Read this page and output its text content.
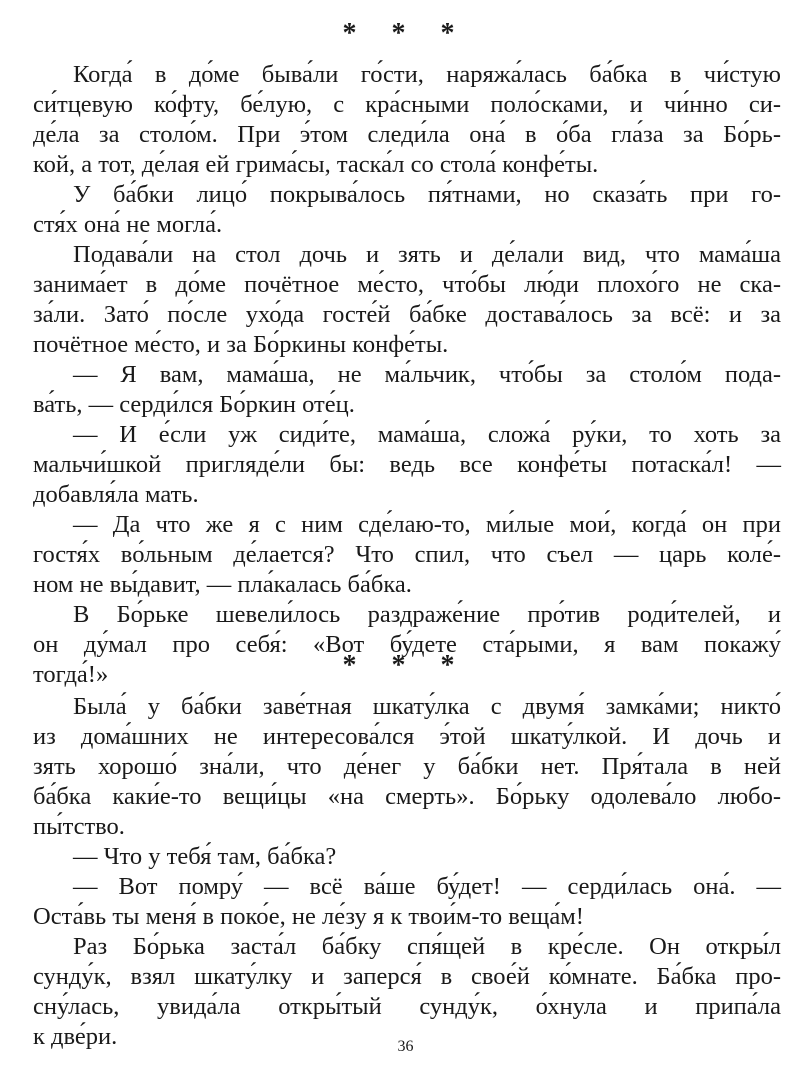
* * *
Когда́ в до́ме быва́ли го́сти, наряжа́лась ба́бка в чи́стую
си́тцевую ко́фту, бе́лую, с кра́сными поло́сками, и чи́нно си-
де́ла за столо́м. При э́том следи́ла она́ в о́ба гла́за за Бо́рь-
кой, а тот, де́лая ей грима́сы, таска́л со стола́ конфе́ты.
У ба́бки лицо́ покрыва́лось пя́тнами, но сказа́ть при го-
стя́х она́ не могла́.
Подава́ли на стол дочь и зять и де́лали вид, что мама́ша
занима́ет в до́ме почётное ме́сто, что́бы лю́ди плохо́го не ска-
за́ли. Зато́ по́сле ухо́да госте́й ба́бке достава́лось за всё: и за
почётное ме́сто, и за Бо́ркины конфе́ты.
— Я вам, мама́ша, не ма́льчик, что́бы за столо́м пода-
ва́ть, — серди́лся Бо́ркин оте́ц.
— И е́сли уж сиди́те, мама́ша, сложа́ ру́ки, то хоть за
мальчи́шкой пригляде́ли бы: ведь все конфе́ты потаска́л! —
добавля́ла мать.
— Да что же я с ним сде́лаю-то, ми́лые мои́, когда́ он при
гостя́х во́льным де́лается? Что спил, что съел — царь коле́-
ном не вы́давит, — пла́калась ба́бка.
В Бо́рьке шевели́лось раздраже́ние про́тив роди́телей, и
он ду́мал про себя́: «Вот бу́дете ста́рыми, я вам покажу́
тогда́!»	* * *
Была́ у ба́бки заве́тная шкату́лка с двумя́ замка́ми; никто́
из дома́шних не интересова́лся э́той шкату́лкой. И дочь и
зять хорошо́ зна́ли, что де́нег у ба́бки нет. Пря́тала в ней
ба́бка каки́е-то вещи́цы «на смерть». Бо́рьку одолева́ло любо-
пы́тство.
— Что у тебя́ там, ба́бка?
— Вот помру́ — всё ва́ше бу́дет! — серди́лась она́. —
Оста́вь ты меня́ в поко́е, не ле́зу я к твои́м-то веща́м!
Раз Бо́рька заста́л ба́бку спя́щей в кре́сле. Он откры́л
сунду́к, взял шкату́лку и заперся́ в свое́й ко́мнате. Ба́бка про-
сну́лась, увида́ла откры́тый сунду́к, о́хнула и припа́ла
к две́ри.	36
